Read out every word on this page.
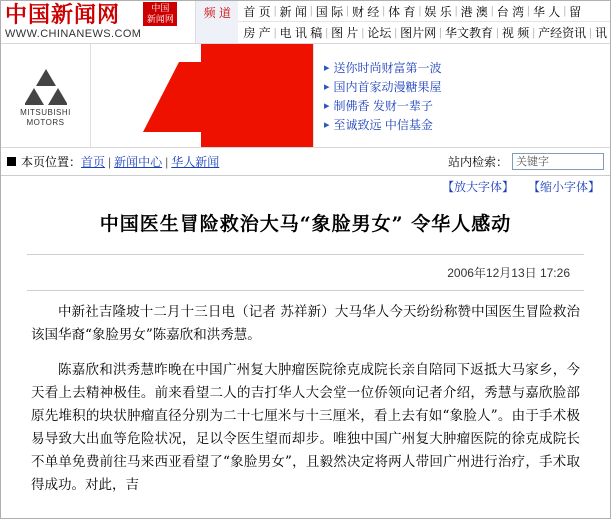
中国
新闻网
中国新闻网
WWW.CHINANEWS.COM
频 道	首 页 | 新 闻 | 国 际 | 财 经 | 体 育 | 娱 乐 | 港 澳 | 台 湾 | 华 人 | 留
房 产 | 电 讯 稿 | 图 片 | 论坛 | 图片网 | 华文教育 | 视 频 | 产经资讯 | 讯
MITSUBISHI
MOTORS
▸ 送你时尚财富第一波
▸ 国内首家动漫糖果屋
▸ 制佛香 发财一辈子
▸ 至诚致远 中信基金
本页位置： 首页 | 新闻中心 | 华人新闻	站内检索： 关键字
【放大字体】 【缩小字体】
中国医生冒险救治大马“象脸男女” 令华人感动
2006年12月13日 17:26

中新社吉隆坡十二月十三日电（记者 苏祥新）大马华人今天纷纷称赞中国医生冒险救治该国华裔“象脸男女”陈嘉欣和洪秀慧。

陈嘉欣和洪秀慧昨晚在中国广州复大肿瘤医院徐克成院长亲自陪同下返抵大马家乡，今天看上去精神极佳。前来看望二人的吉打华人大会堂一位侨领向记者介绍，秀慧与嘉欣脸部原先堆积的块状肿瘤直径分别为二十七厘米与十三厘米，看上去有如“象脸人”。由于手术极易导致大出血等危险状况，足以令医生望而却步。唯独中国广州复大肿瘤医院的徐克成院长不单单免费前往马来西亚看望了“象脸男女”，且毅然决定将两人带回广州进行治疗，手术取得成功。对此，吉
